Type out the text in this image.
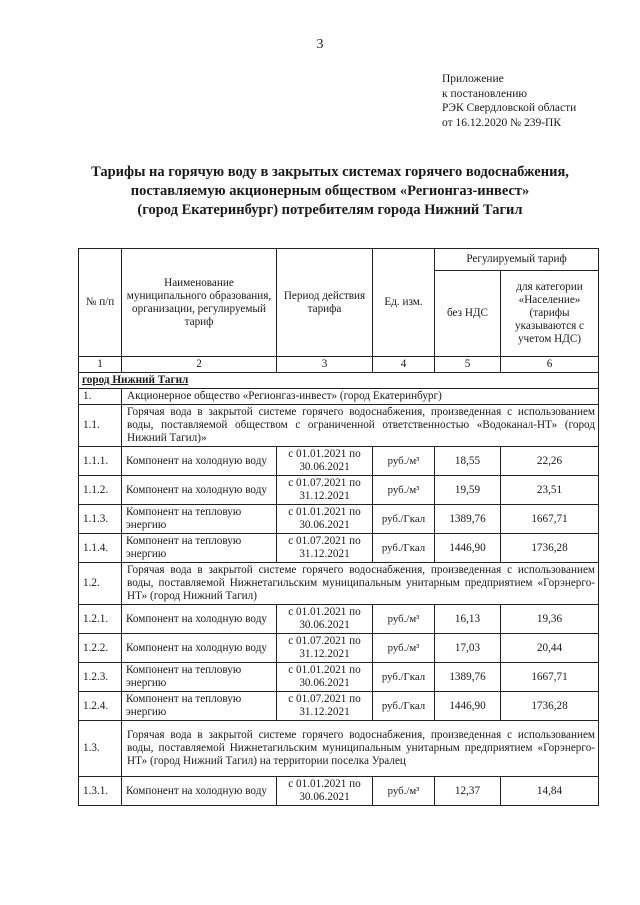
3
Приложение
к постановлению
РЭК Свердловской области
от 16.12.2020 № 239-ПК
Тарифы на горячую воду в закрытых системах горячего водоснабжения,
поставляемую акционерным обществом «Регионгаз-инвест»
(город Екатеринбург) потребителям города Нижний Тагил
№ п/п	Наименование муниципального образования, организации, регулируемый тариф	Период действия тарифа	Ед. изм.	Регулируемый тариф	
				без НДС	для категории «Население» (тарифы указываются с учетом НДС)
1	2	3	4	5	6
город Нижний Тагил					
1.	Акционерное общество «Регионгаз-инвест» (город Екатеринбург)				
1.1.	Горячая вода в закрытой системе горячего водоснабжения, произведенная с использованием воды, поставляемой обществом с ограниченной ответственностью «Водоканал-НТ» (город Нижний Тагил)»				
1.1.1.	Компонент на холодную воду	с 01.01.2021 по 30.06.2021	руб./м³	18,55	22,26
1.1.2.	Компонент на холодную воду	с 01.07.2021 по 31.12.2021	руб./м³	19,59	23,51
1.1.3.	Компонент на тепловую энергию	с 01.01.2021 по 30.06.2021	руб./Гкал	1389,76	1667,71
1.1.4.	Компонент на тепловую энергию	с 01.07.2021 по 31.12.2021	руб./Гкал	1446,90	1736,28
1.2.	Горячая вода в закрытой системе горячего водоснабжения, произведенная с использованием воды, поставляемой Нижнетагильским муниципальным унитарным предприятием «Горэнерго-НТ» (город Нижний Тагил)				
1.2.1.	Компонент на холодную воду	с 01.01.2021 по 30.06.2021	руб./м³	16,13	19,36
1.2.2.	Компонент на холодную воду	с 01.07.2021 по 31.12.2021	руб./м³	17,03	20,44
1.2.3.	Компонент на тепловую энергию	с 01.01.2021 по 30.06.2021	руб./Гкал	1389,76	1667,71
1.2.4.	Компонент на тепловую энергию	с 01.07.2021 по 31.12.2021	руб./Гкал	1446,90	1736,28
1.3.	Горячая вода в закрытой системе горячего водоснабжения, произведенная с использованием воды, поставляемой Нижнетагильским муниципальным унитарным предприятием «Горэнерго-НТ» (город Нижний Тагил) на территории поселка Уралец				
1.3.1.	Компонент на холодную воду	с 01.01.2021 по 30.06.2021	руб./м³	12,37	14,84
